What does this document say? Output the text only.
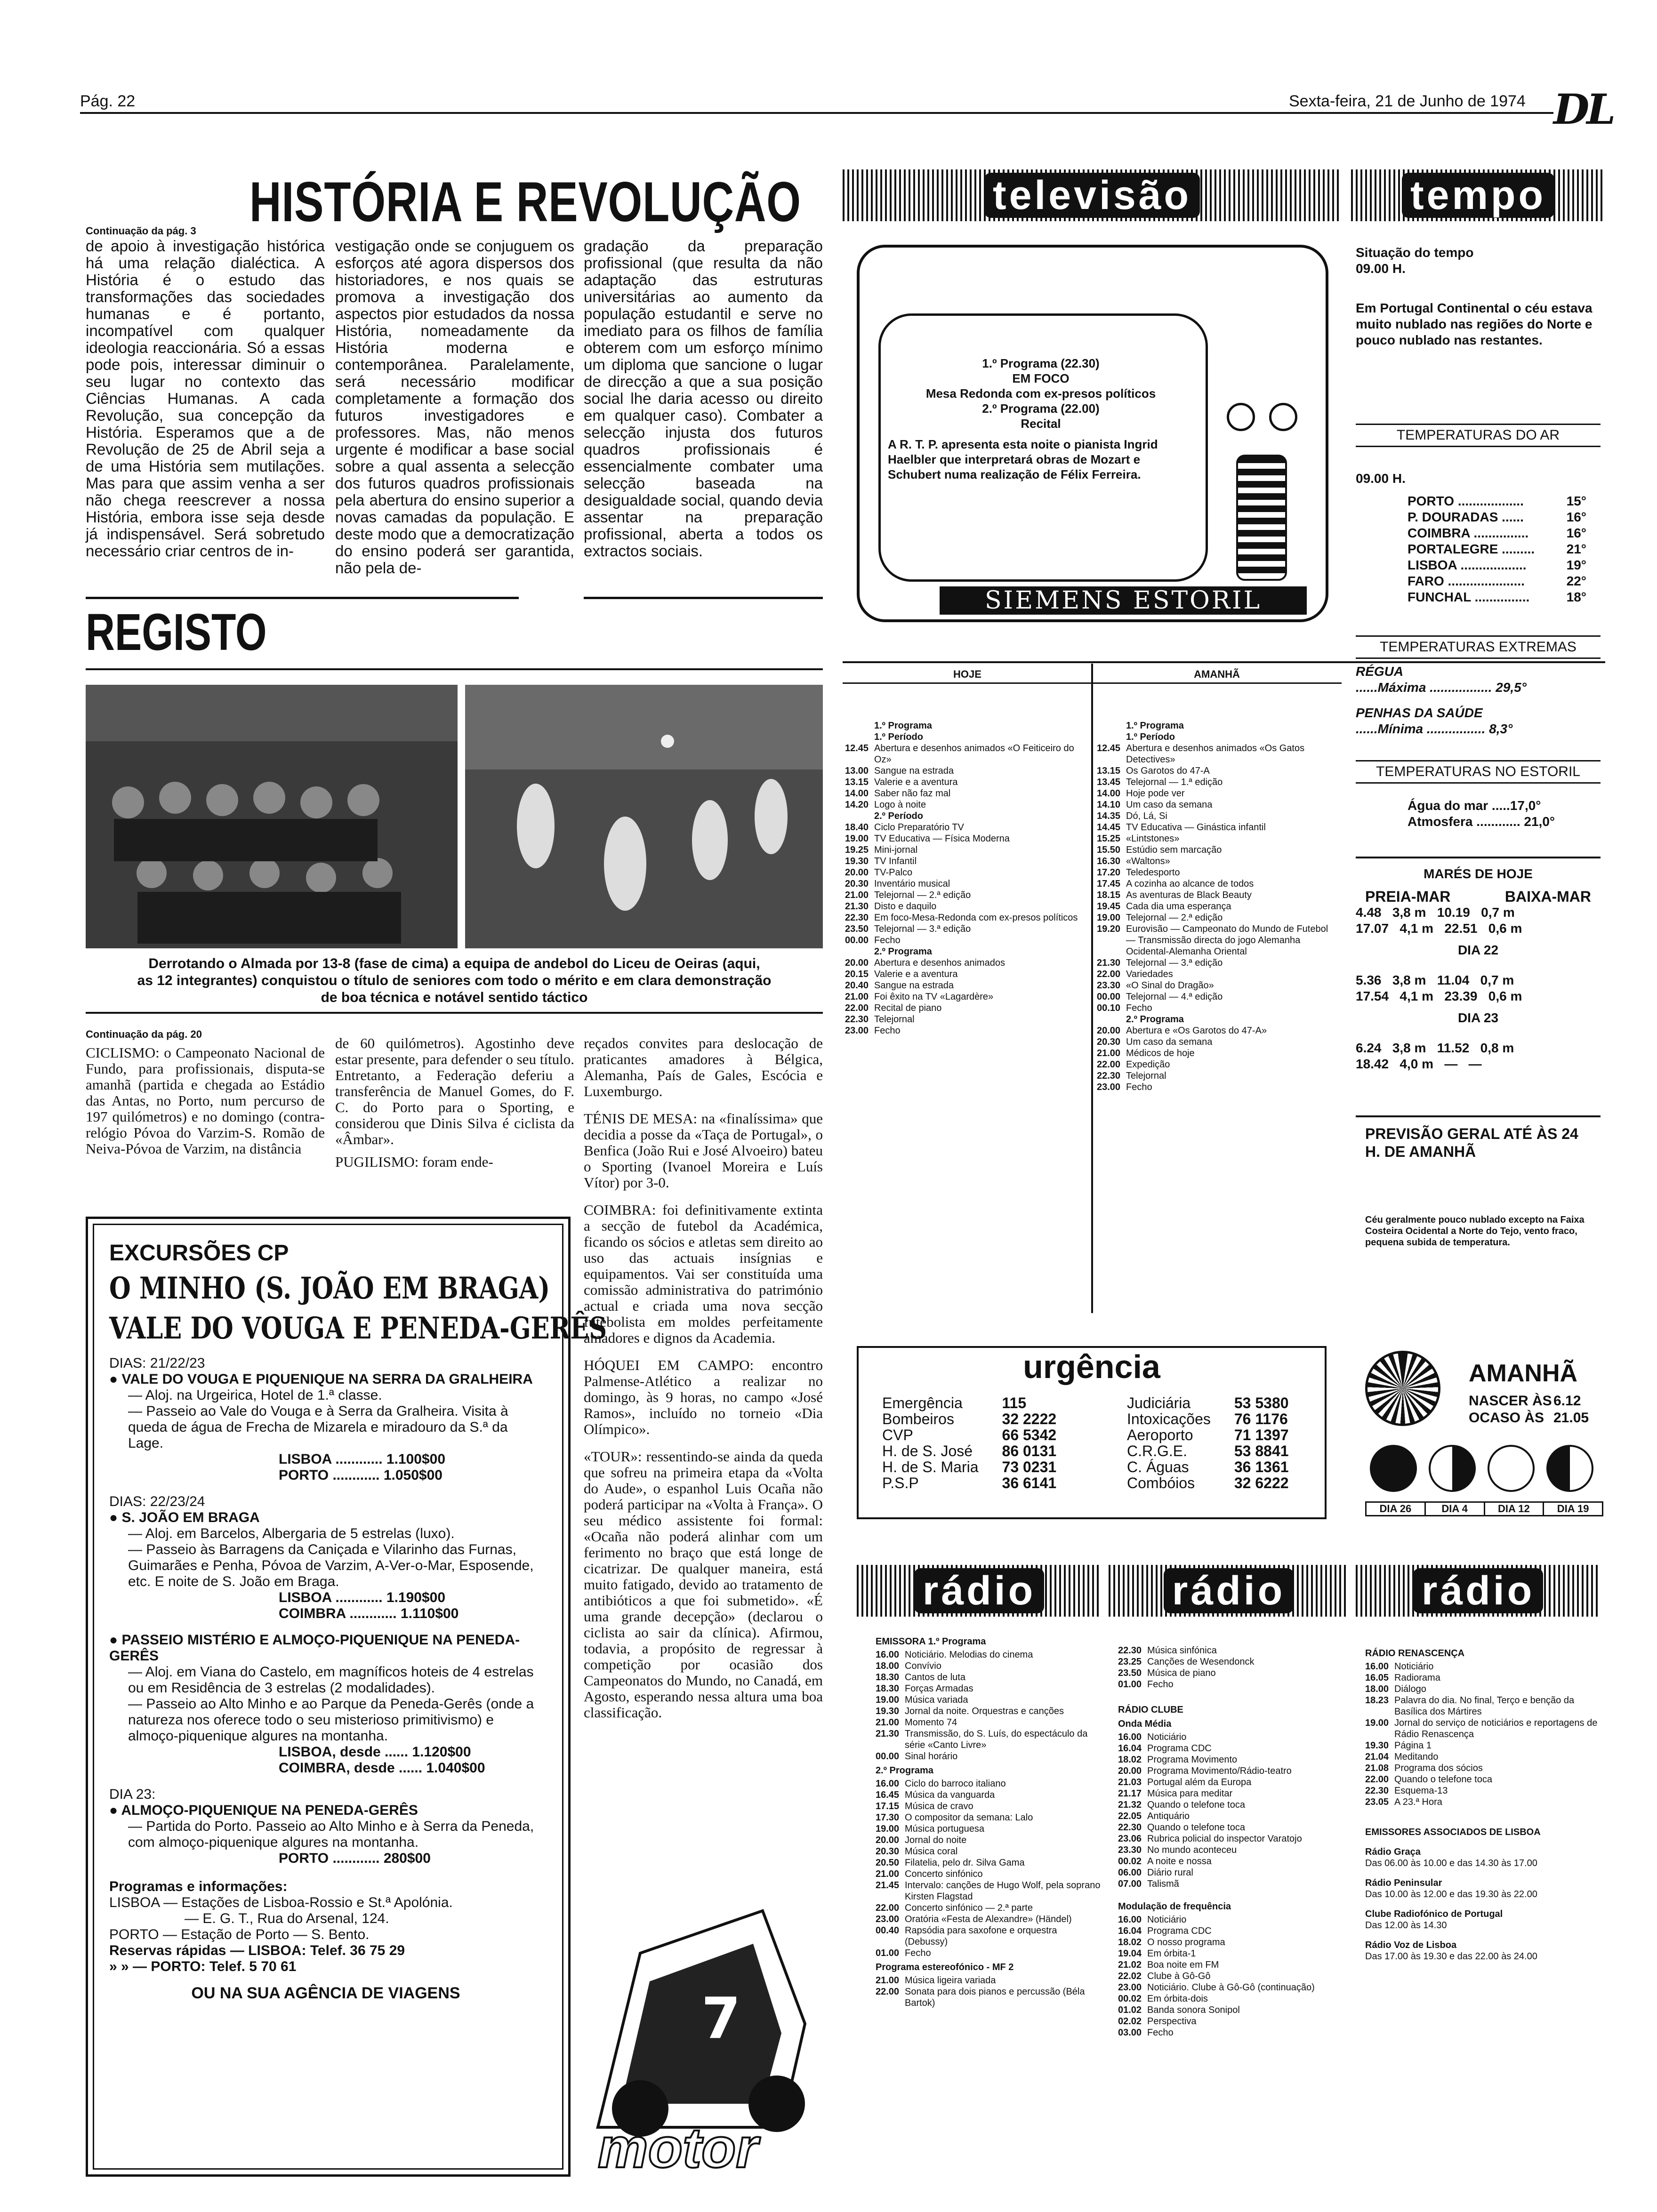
Pág. 22	Sexta-feira, 21 de Junho de 1974 DL
HISTÓRIA E REVOLUÇÃO
Continuação da pág. 3

de apoio à investigação histórica há uma relação dialéctica. A História é o estudo das transformações das sociedades humanas e é portanto, incompatível com qualquer ideologia reaccionária. Só a essas pode pois, interessar diminuir o seu lugar no contexto das Ciências Humanas. A cada Revolução, sua concepção da História. Esperamos que a de Revolução de 25 de Abril seja a de uma História sem mutilações. Mas para que assim venha a ser não chega reescrever a nossa História, embora isse seja desde já indispensável. Será sobretudo necessário criar centros de in-

vestigação onde se conjuguem os esforços até agora dispersos dos historiadores, e nos quais se promova a investigação dos aspectos pior estudados da nossa História, nomeadamente da História moderna e contemporânea. Paralelamente, será necessário modificar completamente a formação dos futuros investigadores e professores. Mas, não menos urgente é modificar a base social sobre a qual assenta a selecção dos futuros quadros profissionais pela abertura do ensino superior a novas camadas da população. E deste modo que a democratização do ensino poderá ser garantida, não pela de-

gradação da preparação profissional (que resulta da não adaptação das estruturas universitárias ao aumento da população estudantil e serve no imediato para os filhos de família obterem com um esforço mínimo um diploma que sancione o lugar de direcção a que a sua posição social lhe daria acesso ou direito em qualquer caso). Combater a selecção injusta dos futuros quadros profissionais é essencialmente combater uma selecção baseada na desigualdade social, quando devia assentar na preparação profissional, aberta a todos os extractos sociais.

REGISTO
Derrotando o Almada por 13-8 (fase de cima) a equipa de andebol do Liceu de Oeiras (aqui,
as 12 integrantes) conquistou o título de seniores com todo o mérito e em clara demonstração
de boa técnica e notável sentido táctico
Continuação da pág. 20

CICLISMO: o Campeonato Nacional de Fundo, para profissionais, disputa-se amanhã (partida e chegada ao Estádio das Antas, no Porto, num percurso de 197 quilómetros) e no domingo (contra-relógio Póvoa do Varzim-S. Romão de Neiva-Póvoa de Varzim, na distância

de 60 quilómetros). Agostinho deve estar presente, para defender o seu título. Entretanto, a Federação deferiu a transferência de Manuel Gomes, do F. C. do Porto para o Sporting, e considerou que Dinis Silva é ciclista da «Âmbar».

PUGILISMO: foram ende-

reçados convites para deslocação de praticantes amadores à Bélgica, Alemanha, País de Gales, Escócia e Luxemburgo.

TÉNIS DE MESA: na «finalíssima» que decidia a posse da «Taça de Portugal», o Benfica (João Rui e José Alvoeiro) bateu o Sporting (Ivanoel Moreira e Luís Vítor) por 3-0.

COIMBRA: foi definitivamente extinta a secção de futebol da Académica, ficando os sócios e atletas sem direito ao uso das actuais insígnias e equipamentos. Vai ser constituída uma comissão administrativa do património actual e criada uma nova secção futebolista em moldes perfeitamente amadores e dignos da Academia.

HÓQUEI EM CAMPO: encontro Palmense-Atlético a realizar no domingo, às 9 horas, no campo «José Ramos», incluído no torneio «Dia Olímpico».

«TOUR»: ressentindo-se ainda da queda que sofreu na primeira etapa da «Volta do Aude», o espanhol Luis Ocaña não poderá participar na «Volta à França». O seu médico assistente foi formal: «Ocaña não poderá alinhar com um ferimento no braço que está longe de cicatrizar. De qualquer maneira, está muito fatigado, devido ao tratamento de antibióticos a que foi submetido». «É uma grande decepção» (declarou o ciclista ao sair da clínica). Afirmou, todavia, a propósito de regressar à competição por ocasião dos Campeonatos do Mundo, no Canadá, em Agosto, esperando nessa altura uma boa classificação.

EXCURSÕES CP
O MINHO (S. JOÃO EM BRAGA)
VALE DO VOUGA E PENEDA-GERÊS
DIAS: 21/22/23
● VALE DO VOUGA E PIQUENIQUE NA SERRA DA GRALHEIRA
— Aloj. na Urgeirica, Hotel de 1.ª classe.
— Passeio ao Vale do Vouga e à Serra da Gralheira. Visita à queda de água de Frecha de Mizarela e miradouro da S.ª da Lage.
LISBOA ............ 1.100$00
PORTO ............ 1.050$00
DIAS: 22/23/24
● S. JOÃO EM BRAGA
— Aloj. em Barcelos, Albergaria de 5 estrelas (luxo).
— Passeio às Barragens da Caniçada e Vilarinho das Furnas, Guimarães e Penha, Póvoa de Varzim, A-Ver-o-Mar, Esposende, etc. E noite de S. João em Braga.
LISBOA ............ 1.190$00
COIMBRA ............ 1.110$00
● PASSEIO MISTÉRIO E ALMOÇO-PIQUENIQUE NA PENEDA-GERÊS
— Aloj. em Viana do Castelo, em magníficos hoteis de 4 estrelas ou em Residência de 3 estrelas (2 modalidades).
— Passeio ao Alto Minho e ao Parque da Peneda-Gerês (onde a natureza nos oferece todo o seu misterioso primitivismo) e almoço-piquenique algures na montanha.
LISBOA, desde ...... 1.120$00
COIMBRA, desde ...... 1.040$00
DIA 23:
● ALMOÇO-PIQUENIQUE NA PENEDA-GERÊS
— Partida do Porto. Passeio ao Alto Minho e à Serra da Peneda, com almoço-piquenique algures na montanha.
PORTO ............ 280$00
Programas e informações:
LISBOA — Estações de Lisboa-Rossio e St.ª Apolónia.
— E. G. T., Rua do Arsenal, 124.
PORTO — Estação de Porto — S. Bento.
Reservas rápidas — LISBOA: Telef. 36 75 29
» » — PORTO: Telef. 5 70 61
OU NA SUA AGÊNCIA DE VIAGENS	7
motor
televisão
1.º Programa (22.30)
EM FOCO
Mesa Redonda com ex-presos políticos
2.º Programa (22.00)
Recital
A R. T. P. apresenta esta noite o pianista Ingrid Haelbler que interpretará obras de Mozart e Schubert numa realização de Félix Ferreira.
SIEMENS ESTORIL
HOJE	AMANHÃ
1.º Programa
1.º Período
12.45 Abertura e desenhos animados «O Feiticeiro do Oz»
13.00 Sangue na estrada
13.15 Valerie e a aventura
14.00 Saber não faz mal
14.20 Logo à noite
2.º Período
18.40 Ciclo Preparatório TV
19.00 TV Educativa — Física Moderna
19.25 Mini-jornal
19.30 TV Infantil
20.00 TV-Palco
20.30 Inventário musical
21.00 Telejornal — 2.ª edição
21.30 Disto e daquilo
22.30 Em foco-Mesa-Redonda com ex-presos políticos
23.50 Telejornal — 3.ª edição
00.00 Fecho
2.º Programa
20.00 Abertura e desenhos animados
20.15 Valerie e a aventura
20.40 Sangue na estrada
21.00 Foi êxito na TV «Lagardère»
22.00 Recital de piano
22.30 Telejornal
23.00 Fecho
1.º Programa
1.º Período
12.45 Abertura e desenhos animados «Os Gatos Detectives»
13.15 Os Garotos do 47-A
13.45 Telejornal — 1.ª edição
14.00 Hoje pode ver
14.10 Um caso da semana
14.35 Dó, Lá, Si
14.45 TV Educativa — Ginástica infantil
15.25 «Lintstones»
15.50 Estúdio sem marcação
16.30 «Waltons»
17.20 Teledesporto
17.45 A cozinha ao alcance de todos
18.15 As aventuras de Black Beauty
19.45 Cada dia uma esperança
19.00 Telejornal — 2.ª edição
19.20 Eurovisão — Campeonato do Mundo de Futebol — Transmissão directa do jogo Alemanha Ocidental-Alemanha Oriental
21.30 Telejornal — 3.ª edição
22.00 Variedades
23.30 «O Sinal do Dragão»
00.00 Telejornal — 4.ª edição
00.10 Fecho
2.º Programa
20.00 Abertura e «Os Garotos do 47-A»
20.30 Um caso da semana
21.00 Médicos de hoje
22.00 Expedição
22.30 Telejornal
23.00 Fecho
tempo
Situação do tempo
09.00 H.
Em Portugal Continental o céu estava muito nublado nas regiões do Norte e pouco nublado nas restantes.
TEMPERATURAS DO AR
09.00 H.
PORTO ..................	15°
P. DOURADAS ......	16°
COIMBRA ...............	16°
PORTALEGRE ......... 21°
LISBOA ..................	19°
FARO .....................	22°
FUNCHAL ...............	18°
TEMPERATURAS EXTREMAS
RÉGUA
......Máxima ................. 29,5°
PENHAS DA SAÚDE
......Mínima ................ 8,3°
TEMPERATURAS NO ESTORIL
Água do mar .....17,0°
Atmosfera ............ 21,0°
MARÉS DE HOJE
PREIA-MAR	BAIXA-MAR
4.48   3,8 m   10.19   0,7 m
17.07   4,1 m   22.51   0,6 m
DIA 22
5.36   3,8 m   11.04   0,7 m
17.54   4,1 m   23.39   0,6 m
DIA 23
6.24   3,8 m   11.52   0,8 m
18.42   4,0 m   —   —
PREVISÃO GERAL ATÉ ÀS 24 H. DE AMANHÃ
Céu geralmente pouco nublado excepto na Faixa Costeira Ocidental a Norte do Tejo, vento fraco, pequena subida de temperatura.
urgência
Emergência	115
Bombeiros	32 2222
CVP	66 5342
H. de S. José	86 0131
H. de S. Maria	73 0231
P.S.P	36 6141
Judiciária	53 5380
Intoxicações	76 1176
Aeroporto	71 1397
C.R.G.E.	53 8841
C. Águas	36 1361
Combóios	32 6222
AMANHÃ
NASCER ÀS 6.12
OCASO ÀS 21.05
DIA 26	DIA 4	DIA 12	DIA 19
rádio	rádio	rádio
EMISSORA 1.º Programa
16.00 Noticiário. Melodias do cinema
18.00 Convívio
18.30 Cantos de luta
18.30 Forças Armadas
19.00 Música variada
19.30 Jornal da noite. Orquestras e canções
21.00 Momento 74
21.30 Transmissão, do S. Luís, do espectáculo da série «Canto Livre»
00.00 Sinal horário
2.º Programa
16.00 Ciclo do barroco italiano
16.45 Música da vanguarda
17.15 Música de cravo
17.30 O compositor da semana: Lalo
19.00 Música portuguesa
20.00 Jornal do noite
20.30 Música coral
20.50 Filatelia, pelo dr. Silva Gama
21.00 Concerto sinfónico
21.45 Intervalo: canções de Hugo Wolf, pela soprano Kirsten Flagstad
22.00 Concerto sinfónico — 2.ª parte
23.00 Oratória «Festa de Alexandre» (Händel)
00.40 Rapsódia para saxofone e orquestra (Debussy)
01.00 Fecho
Programa estereofónico - MF 2
21.00 Música ligeira variada
22.00 Sonata para dois pianos e percussão (Béla Bartok)
22.30 Música sinfónica
23.25 Canções de Wesendonck
23.50 Música de piano
01.00 Fecho
RÁDIO CLUBE
Onda Média
16.00 Noticiário
16.04 Programa CDC
18.02 Programa Movimento
20.00 Programa Movimento/Rádio-teatro
21.03 Portugal além da Europa
21.17 Música para meditar
21.32 Quando o telefone toca
22.05 Antiquário
22.30 Quando o telefone toca
23.06 Rubrica policial do inspector Varatojo
23.30 No mundo aconteceu
00.02 A noite e nossa
06.00 Diário rural
07.00 Talismã
Modulação de frequência
16.00 Noticiário
16.04 Programa CDC
18.02 O nosso programa
19.04 Em órbita-1
21.02 Boa noite em FM
22.02 Clube à Gô-Gô
23.00 Noticiário. Clube à Gô-Gô (continuação)
00.02 Em órbita-dois
01.02 Banda sonora Sonipol
02.02 Perspectiva
03.00 Fecho
RÁDIO RENASCENÇA
16.00 Noticiário
16.05 Radiorama
18.00 Diálogo
18.23 Palavra do dia. No final, Terço e benção da Basílica dos Mártires
19.00 Jornal do serviço de noticiários e reportagens de Rádio Renascença
19.30 Página 1
21.04 Meditando
21.08 Programa dos sócios
22.00 Quando o telefone toca
22.30 Esquema-13
23.05 A 23.ª Hora
EMISSORES ASSOCIADOS DE LISBOA
Rádio Graça
Das 06.00 às 10.00 e das 14.30 às 17.00
Rádio Peninsular
Das 10.00 às 12.00 e das 19.30 às 22.00
Clube Radiofónico de Portugal
Das 12.00 às 14.30
Rádio Voz de Lisboa
Das 17.00 às 19.30 e das 22.00 às 24.00
